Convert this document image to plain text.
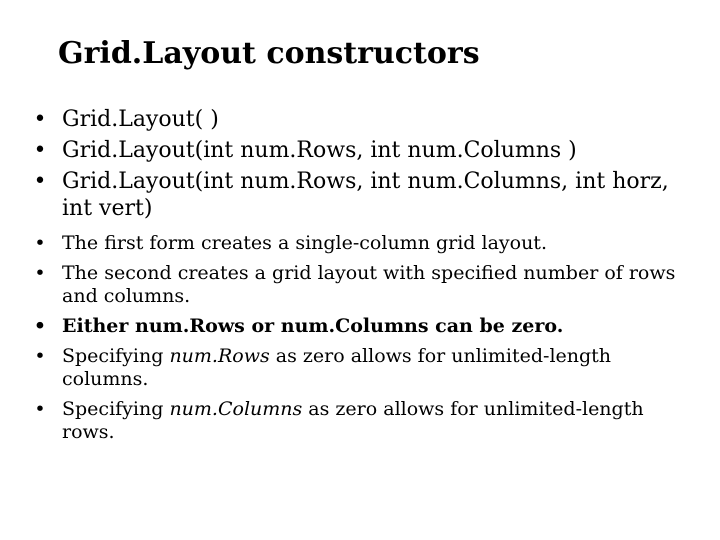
Grid.Layout constructors
• Grid.Layout( )
• Grid.Layout(int num.Rows, int num.Columns )
• Grid.Layout(int num.Rows, int num.Columns, int horz, int vert)
• The first form creates a single-column grid layout.
• The second creates a grid layout with specified number of rows and columns.
• Either num.Rows or num.Columns can be zero.
• Specifying num.Rows as zero allows for unlimited-length columns.
• Specifying num.Columns as zero allows for unlimited-length rows.
